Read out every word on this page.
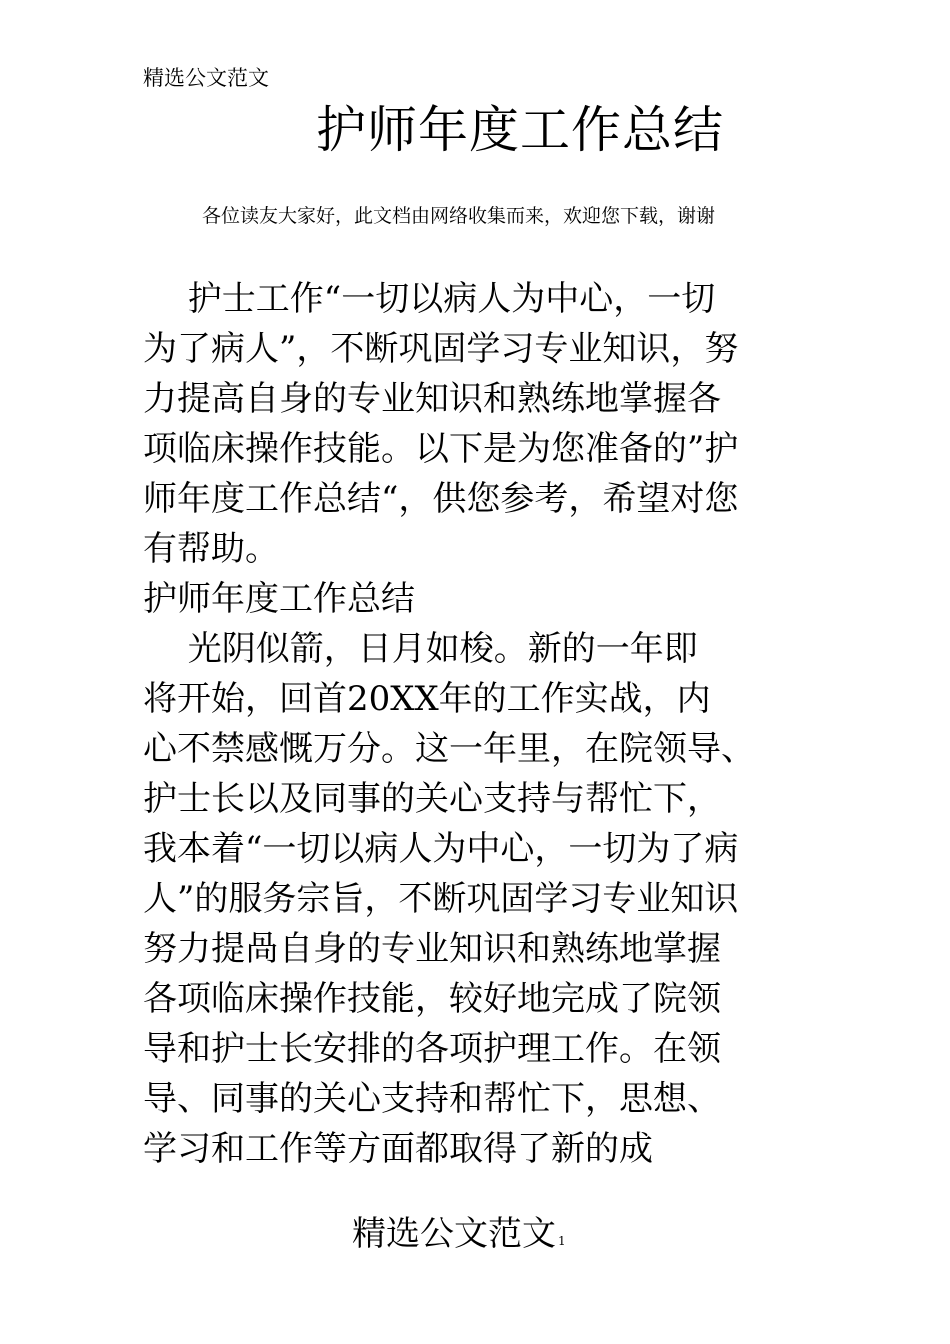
精选公文范文
护师年度工作总结
各位读友大家好，此文档由网络收集而来，欢迎您下载，谢谢
　 护士工作“一切以病人为中心，一切
为了病人”，不断巩固学习专业知识，努
力提高自身的专业知识和熟练地掌握各
项临床操作技能。以下是为您准备的”护
师年度工作总结“，供您参考，希望对您
有帮助。
护师年度工作总结
　 光阴似箭，日月如梭。新的一年即
将开始，回首20XX年的工作实战，内
心不禁感慨万分。这一年里，在院领导、
护士长以及同事的关心支持与帮忙下，
我本着“一切以病人为中心，一切为了病
人”的服务宗旨，不断巩固学习专业知识
努力提咼自身的专业知识和熟练地掌握
各项临床操作技能，较好地完成了院领
导和护士长安排的各项护理工作。在领
导、同事的关心支持和帮忙下，思想、
学习和工作等方面都取得了新的成
精选公文范文 1
